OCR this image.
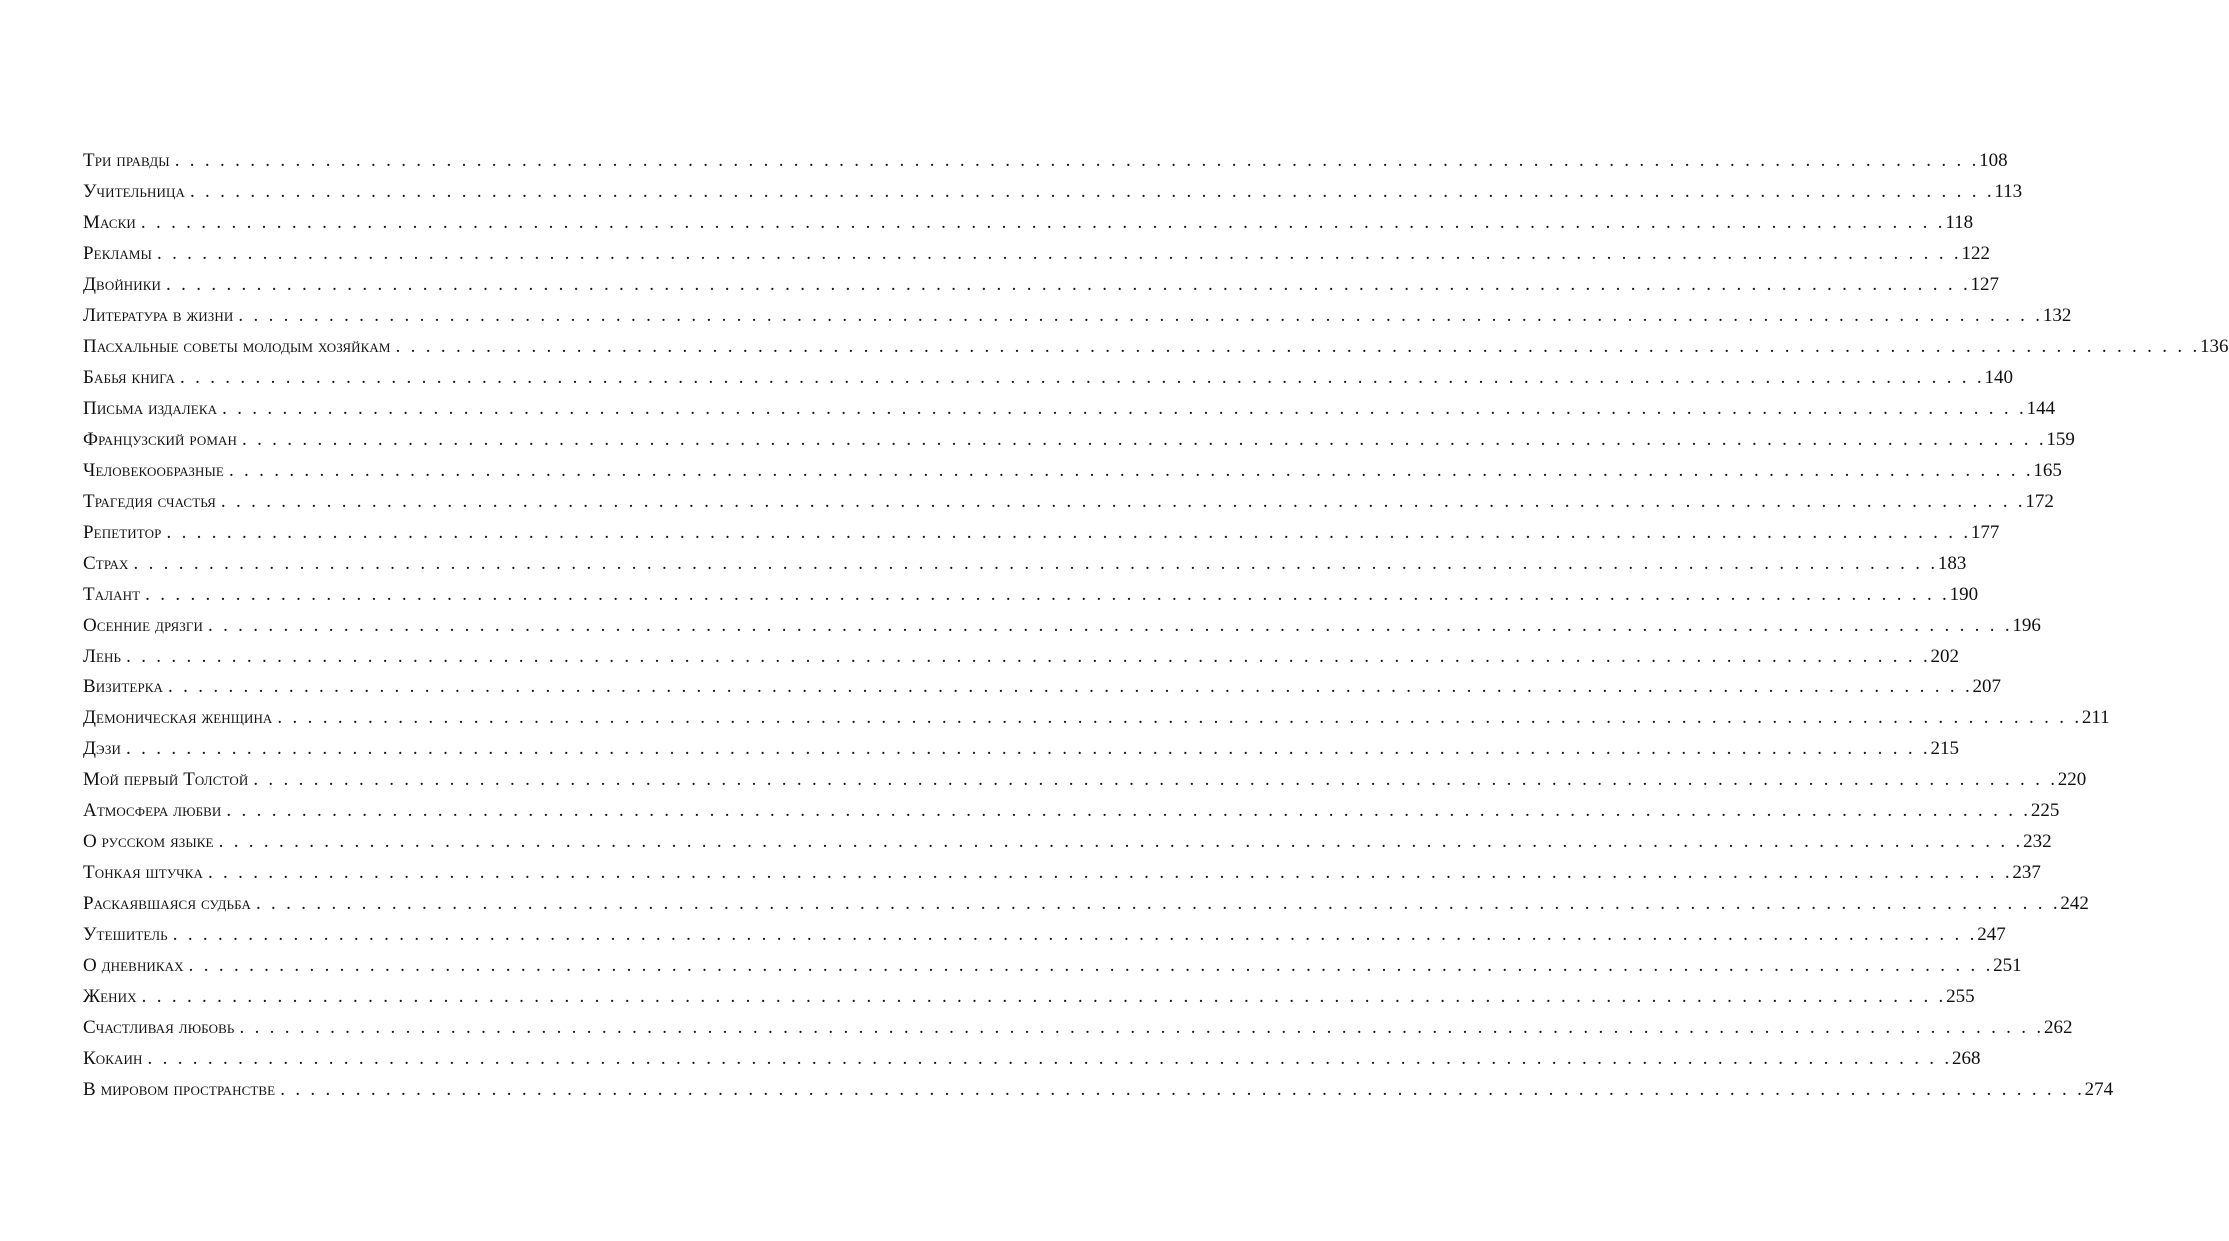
Три правды . . . . . . . . . . . . . . . . . . . . . . . . . . . . . . . . . . . . . . . . . . . . . . . . . . . . . . . . . . . . . . . . . . . . . . . . . . . . . . . . . . . . . . . . . . . . . . . . . . . . . . . . . . . . . . . . . . . . . . . . 108
Учительница . . . . . . . . . . . . . . . . . . . . . . . . . . . . . . . . . . . . . . . . . . . . . . . . . . . . . . . . . . . . . . . . . . . . . . . . . . . . . . . . . . . . . . . . . . . . . . . . . . . . . . . . . . . . . . . . . . . . . . . . 113
Маски . . . . . . . . . . . . . . . . . . . . . . . . . . . . . . . . . . . . . . . . . . . . . . . . . . . . . . . . . . . . . . . . . . . . . . . . . . . . . . . . . . . . . . . . . . . . . . . . . . . . . . . . . . . . . . . . . . . . . . . . 118
Рекламы . . . . . . . . . . . . . . . . . . . . . . . . . . . . . . . . . . . . . . . . . . . . . . . . . . . . . . . . . . . . . . . . . . . . . . . . . . . . . . . . . . . . . . . . . . . . . . . . . . . . . . . . . . . . . . . . . . . . . . . . 122
Двойники . . . . . . . . . . . . . . . . . . . . . . . . . . . . . . . . . . . . . . . . . . . . . . . . . . . . . . . . . . . . . . . . . . . . . . . . . . . . . . . . . . . . . . . . . . . . . . . . . . . . . . . . . . . . . . . . . . . . . . . . 127
Литература в жизни . . . . . . . . . . . . . . . . . . . . . . . . . . . . . . . . . . . . . . . . . . . . . . . . . . . . . . . . . . . . . . . . . . . . . . . . . . . . . . . . . . . . . . . . . . . . . . . . . . . . . . . . . . . . . . . . . . . . . . . . 132
Пасхальные советы молодым хозяйкам . . . . . . . . . . . . . . . . . . . . . . . . . . . . . . . . . . . . . . . . . . . . . . . . . . . . . . . . . . . . . . . . . . . . . . . . . . . . . . . . . . . . . . . . . . . . . . . . . . . . . . . . . . . . . . . . . . . . . . . . 136
Бабья книга . . . . . . . . . . . . . . . . . . . . . . . . . . . . . . . . . . . . . . . . . . . . . . . . . . . . . . . . . . . . . . . . . . . . . . . . . . . . . . . . . . . . . . . . . . . . . . . . . . . . . . . . . . . . . . . . . . . . . . . . 140
Письма издалека . . . . . . . . . . . . . . . . . . . . . . . . . . . . . . . . . . . . . . . . . . . . . . . . . . . . . . . . . . . . . . . . . . . . . . . . . . . . . . . . . . . . . . . . . . . . . . . . . . . . . . . . . . . . . . . . . . . . . . . . 144
Французский роман . . . . . . . . . . . . . . . . . . . . . . . . . . . . . . . . . . . . . . . . . . . . . . . . . . . . . . . . . . . . . . . . . . . . . . . . . . . . . . . . . . . . . . . . . . . . . . . . . . . . . . . . . . . . . . . . . . . . . . . . 159
Человекообразные . . . . . . . . . . . . . . . . . . . . . . . . . . . . . . . . . . . . . . . . . . . . . . . . . . . . . . . . . . . . . . . . . . . . . . . . . . . . . . . . . . . . . . . . . . . . . . . . . . . . . . . . . . . . . . . . . . . . . . . . 165
Трагедия счастья . . . . . . . . . . . . . . . . . . . . . . . . . . . . . . . . . . . . . . . . . . . . . . . . . . . . . . . . . . . . . . . . . . . . . . . . . . . . . . . . . . . . . . . . . . . . . . . . . . . . . . . . . . . . . . . . . . . . . . . . 172
Репетитор . . . . . . . . . . . . . . . . . . . . . . . . . . . . . . . . . . . . . . . . . . . . . . . . . . . . . . . . . . . . . . . . . . . . . . . . . . . . . . . . . . . . . . . . . . . . . . . . . . . . . . . . . . . . . . . . . . . . . . . . 177
Страх . . . . . . . . . . . . . . . . . . . . . . . . . . . . . . . . . . . . . . . . . . . . . . . . . . . . . . . . . . . . . . . . . . . . . . . . . . . . . . . . . . . . . . . . . . . . . . . . . . . . . . . . . . . . . . . . . . . . . . . . 183
Талант . . . . . . . . . . . . . . . . . . . . . . . . . . . . . . . . . . . . . . . . . . . . . . . . . . . . . . . . . . . . . . . . . . . . . . . . . . . . . . . . . . . . . . . . . . . . . . . . . . . . . . . . . . . . . . . . . . . . . . . . 190
Осенние дрязги . . . . . . . . . . . . . . . . . . . . . . . . . . . . . . . . . . . . . . . . . . . . . . . . . . . . . . . . . . . . . . . . . . . . . . . . . . . . . . . . . . . . . . . . . . . . . . . . . . . . . . . . . . . . . . . . . . . . . . . . 196
Лень . . . . . . . . . . . . . . . . . . . . . . . . . . . . . . . . . . . . . . . . . . . . . . . . . . . . . . . . . . . . . . . . . . . . . . . . . . . . . . . . . . . . . . . . . . . . . . . . . . . . . . . . . . . . . . . . . . . . . . . . 202
Визитерка . . . . . . . . . . . . . . . . . . . . . . . . . . . . . . . . . . . . . . . . . . . . . . . . . . . . . . . . . . . . . . . . . . . . . . . . . . . . . . . . . . . . . . . . . . . . . . . . . . . . . . . . . . . . . . . . . . . . . . . . 207
Демоническая женщина . . . . . . . . . . . . . . . . . . . . . . . . . . . . . . . . . . . . . . . . . . . . . . . . . . . . . . . . . . . . . . . . . . . . . . . . . . . . . . . . . . . . . . . . . . . . . . . . . . . . . . . . . . . . . . . . . . . . . . . . 211
Дэзи . . . . . . . . . . . . . . . . . . . . . . . . . . . . . . . . . . . . . . . . . . . . . . . . . . . . . . . . . . . . . . . . . . . . . . . . . . . . . . . . . . . . . . . . . . . . . . . . . . . . . . . . . . . . . . . . . . . . . . . . 215
Мой первый Толстой . . . . . . . . . . . . . . . . . . . . . . . . . . . . . . . . . . . . . . . . . . . . . . . . . . . . . . . . . . . . . . . . . . . . . . . . . . . . . . . . . . . . . . . . . . . . . . . . . . . . . . . . . . . . . . . . . . . . . . . . 220
Атмосфера любви . . . . . . . . . . . . . . . . . . . . . . . . . . . . . . . . . . . . . . . . . . . . . . . . . . . . . . . . . . . . . . . . . . . . . . . . . . . . . . . . . . . . . . . . . . . . . . . . . . . . . . . . . . . . . . . . . . . . . . . . 225
О русском языке . . . . . . . . . . . . . . . . . . . . . . . . . . . . . . . . . . . . . . . . . . . . . . . . . . . . . . . . . . . . . . . . . . . . . . . . . . . . . . . . . . . . . . . . . . . . . . . . . . . . . . . . . . . . . . . . . . . . . . . . 232
Тонкая штучка . . . . . . . . . . . . . . . . . . . . . . . . . . . . . . . . . . . . . . . . . . . . . . . . . . . . . . . . . . . . . . . . . . . . . . . . . . . . . . . . . . . . . . . . . . . . . . . . . . . . . . . . . . . . . . . . . . . . . . . . 237
Раскаявшаяся судьба . . . . . . . . . . . . . . . . . . . . . . . . . . . . . . . . . . . . . . . . . . . . . . . . . . . . . . . . . . . . . . . . . . . . . . . . . . . . . . . . . . . . . . . . . . . . . . . . . . . . . . . . . . . . . . . . . . . . . . . . 242
Утешитель . . . . . . . . . . . . . . . . . . . . . . . . . . . . . . . . . . . . . . . . . . . . . . . . . . . . . . . . . . . . . . . . . . . . . . . . . . . . . . . . . . . . . . . . . . . . . . . . . . . . . . . . . . . . . . . . . . . . . . . . 247
О дневниках . . . . . . . . . . . . . . . . . . . . . . . . . . . . . . . . . . . . . . . . . . . . . . . . . . . . . . . . . . . . . . . . . . . . . . . . . . . . . . . . . . . . . . . . . . . . . . . . . . . . . . . . . . . . . . . . . . . . . . . . 251
Жених . . . . . . . . . . . . . . . . . . . . . . . . . . . . . . . . . . . . . . . . . . . . . . . . . . . . . . . . . . . . . . . . . . . . . . . . . . . . . . . . . . . . . . . . . . . . . . . . . . . . . . . . . . . . . . . . . . . . . . . . 255
Счастливая любовь . . . . . . . . . . . . . . . . . . . . . . . . . . . . . . . . . . . . . . . . . . . . . . . . . . . . . . . . . . . . . . . . . . . . . . . . . . . . . . . . . . . . . . . . . . . . . . . . . . . . . . . . . . . . . . . . . . . . . . . . 262
Кокаин . . . . . . . . . . . . . . . . . . . . . . . . . . . . . . . . . . . . . . . . . . . . . . . . . . . . . . . . . . . . . . . . . . . . . . . . . . . . . . . . . . . . . . . . . . . . . . . . . . . . . . . . . . . . . . . . . . . . . . . . 268
В мировом пространстве . . . . . . . . . . . . . . . . . . . . . . . . . . . . . . . . . . . . . . . . . . . . . . . . . . . . . . . . . . . . . . . . . . . . . . . . . . . . . . . . . . . . . . . . . . . . . . . . . . . . . . . . . . . . . . . . . . . . . . . . 274
